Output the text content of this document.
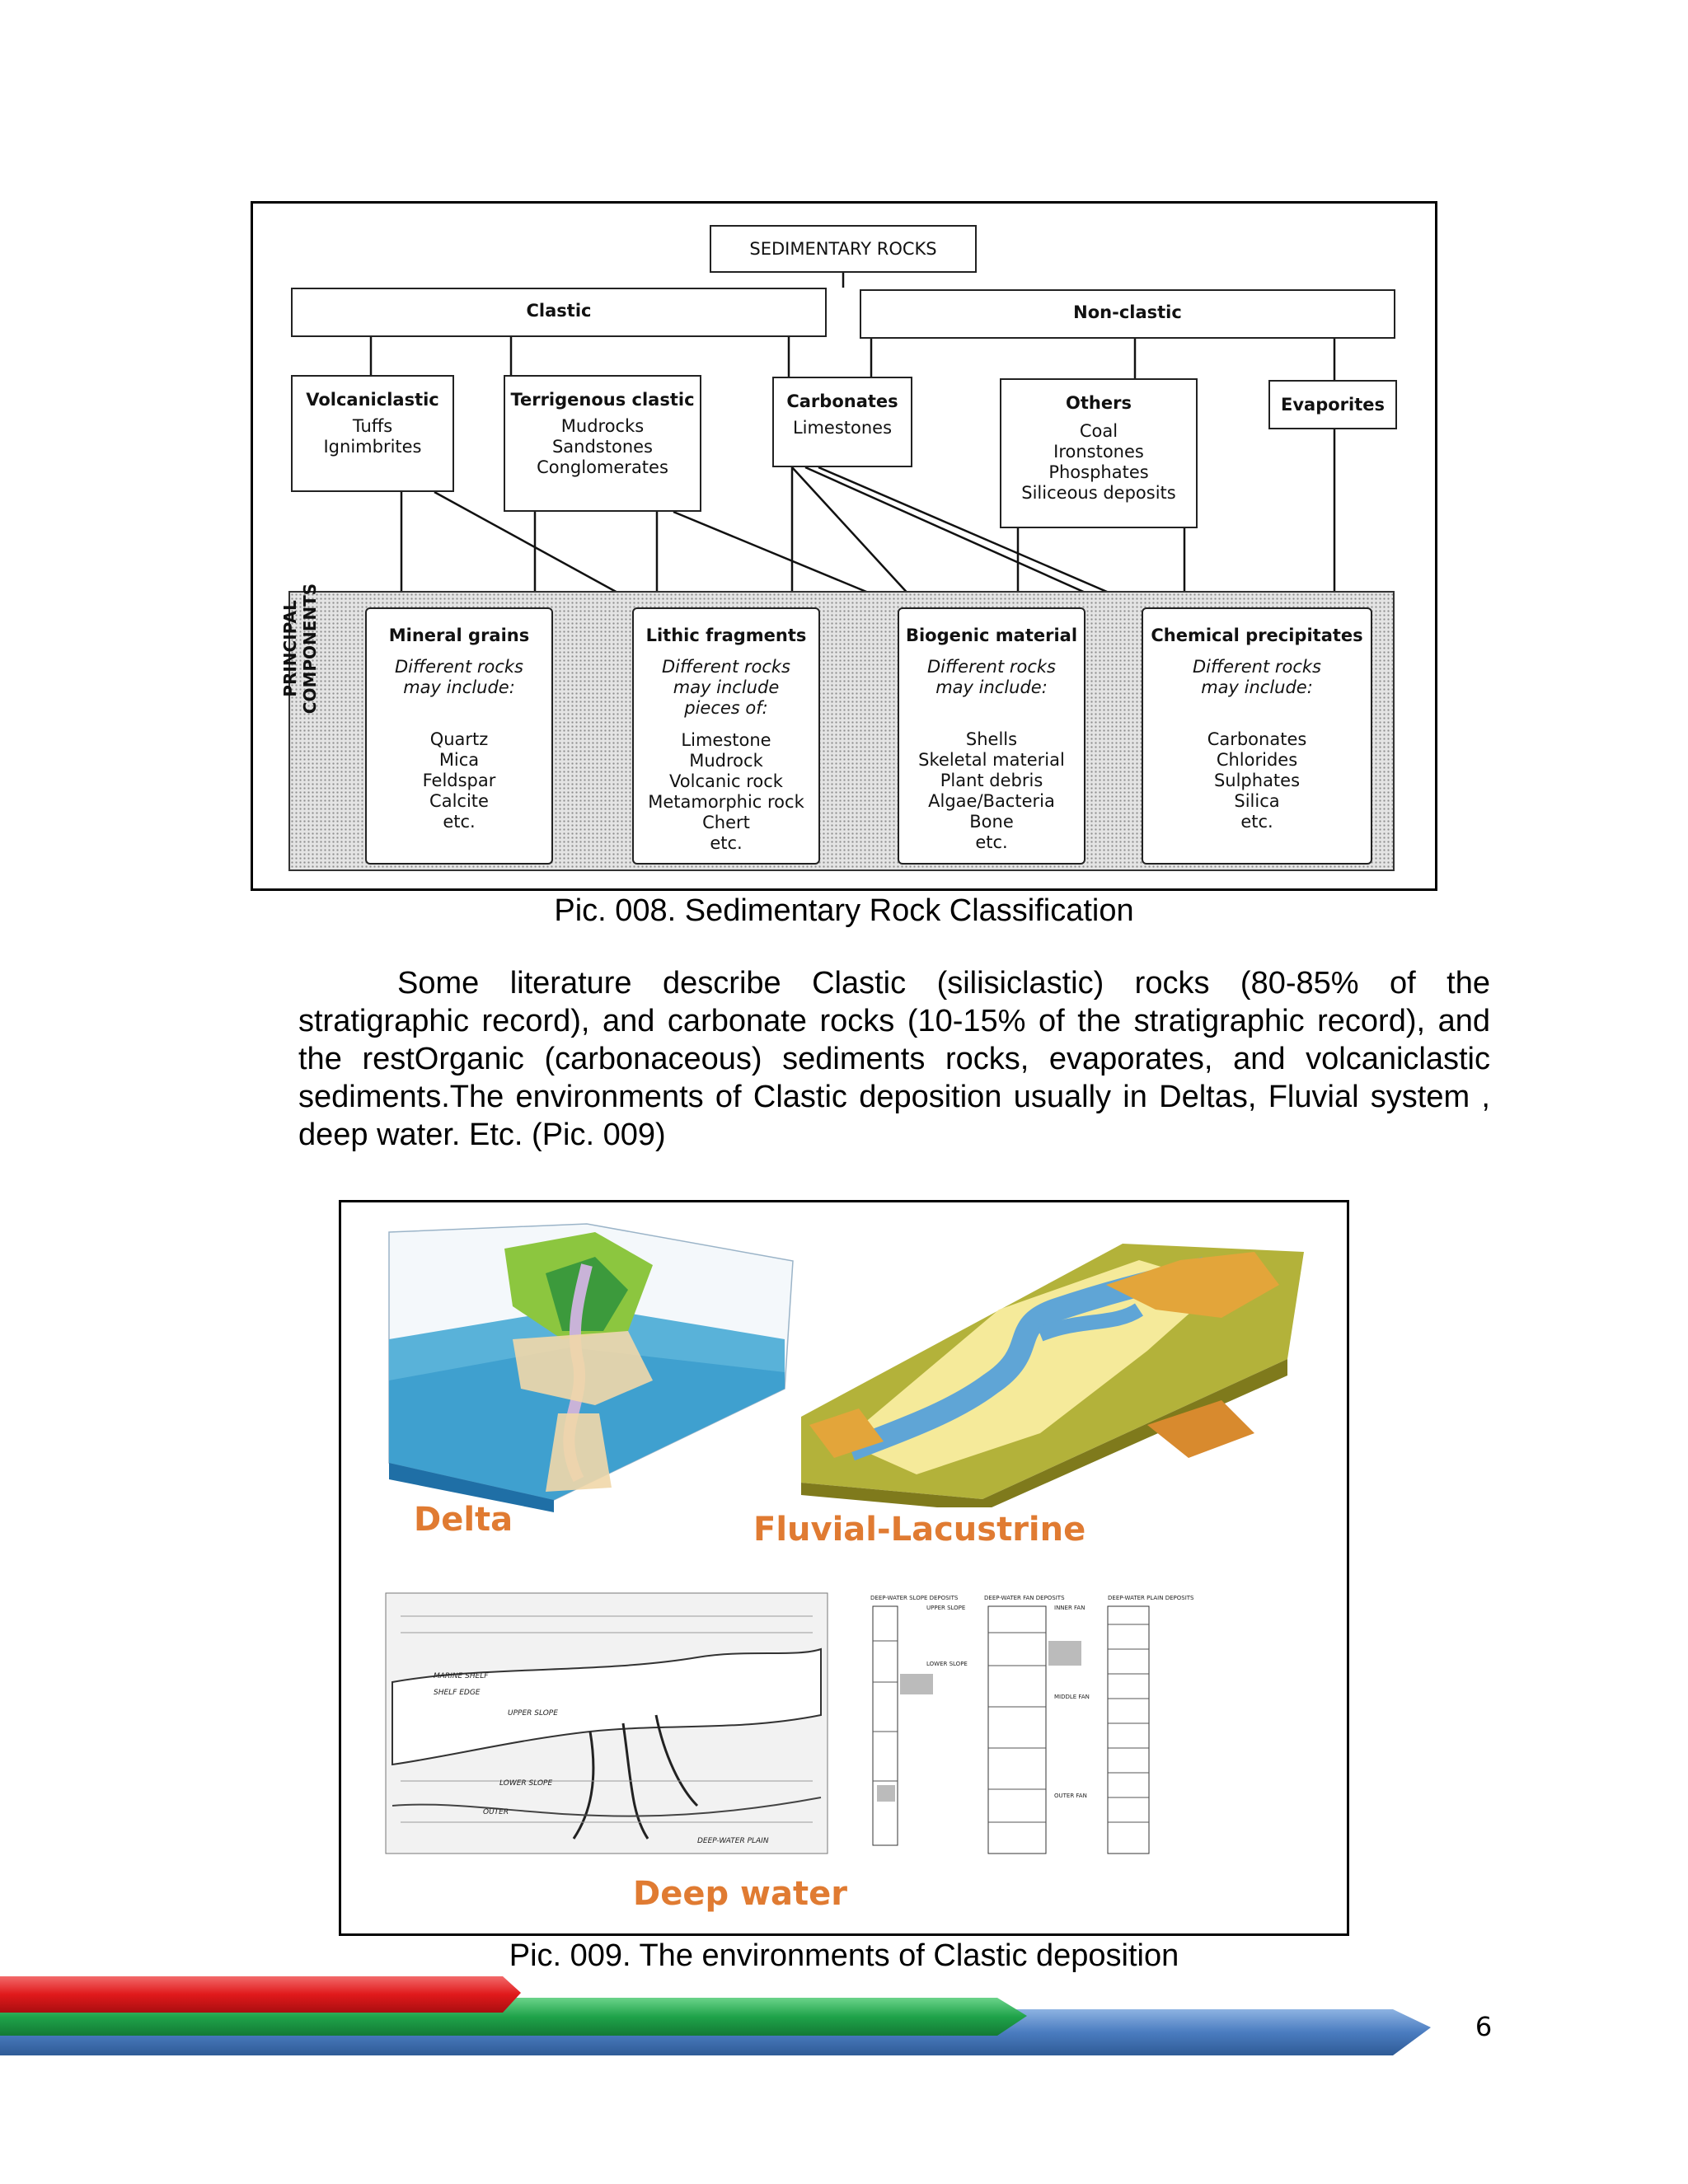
SEDIMENTARY ROCKS
Clastic	Non-clastic
Volcaniclastic
Tuffs
Ignimbrites
Terrigenous clastic
Mudrocks
Sandstones
Conglomerates
Carbonates
Limestones
Others
Coal
Ironstones
Phosphates
Siliceous deposits
Evaporites
PRINCIPAL COMPONENTS	Mineral grains
Different rocks
may include:
Quartz
Mica
Feldspar
Calcite
etc.
Lithic fragments
Different rocks
may include
pieces of:
Limestone
Mudrock
Volcanic rock
Metamorphic rock
Chert
etc.
Biogenic material
Different rocks
may include:
Shells
Skeletal material
Plant debris
Algae/Bacteria
Bone
etc.
Chemical precipitates
Different rocks
may include:
Carbonates
Chlorides
Sulphates
Silica
etc.
Pic. 008. Sedimentary Rock Classification

Some literature describe Clastic (silisiclastic) rocks (80-85% of the stratigraphic record), and carbonate rocks (10-15% of the stratigraphic record), and the restOrganic (carbonaceous) sediments rocks, evaporates, and volcaniclastic sediments.The environments of Clastic deposition usually in Deltas, Fluvial system , deep water. Etc. (Pic. 009)

Delta	Fluvial-Lacustrine
MARINE SHELF
SHELF EDGE
UPPER SLOPE
LOWER SLOPE
OUTER
DEEP-WATER PLAIN
Deep water
DEEP-WATER SLOPE DEPOSITS	DEEP-WATER FAN DEPOSITS	DEEP-WATER PLAIN DEPOSITS
UPPER SLOPE
LOWER SLOPE
INNER FAN
MIDDLE FAN
OUTER FAN
Pic. 009. The environments of Clastic deposition
6
